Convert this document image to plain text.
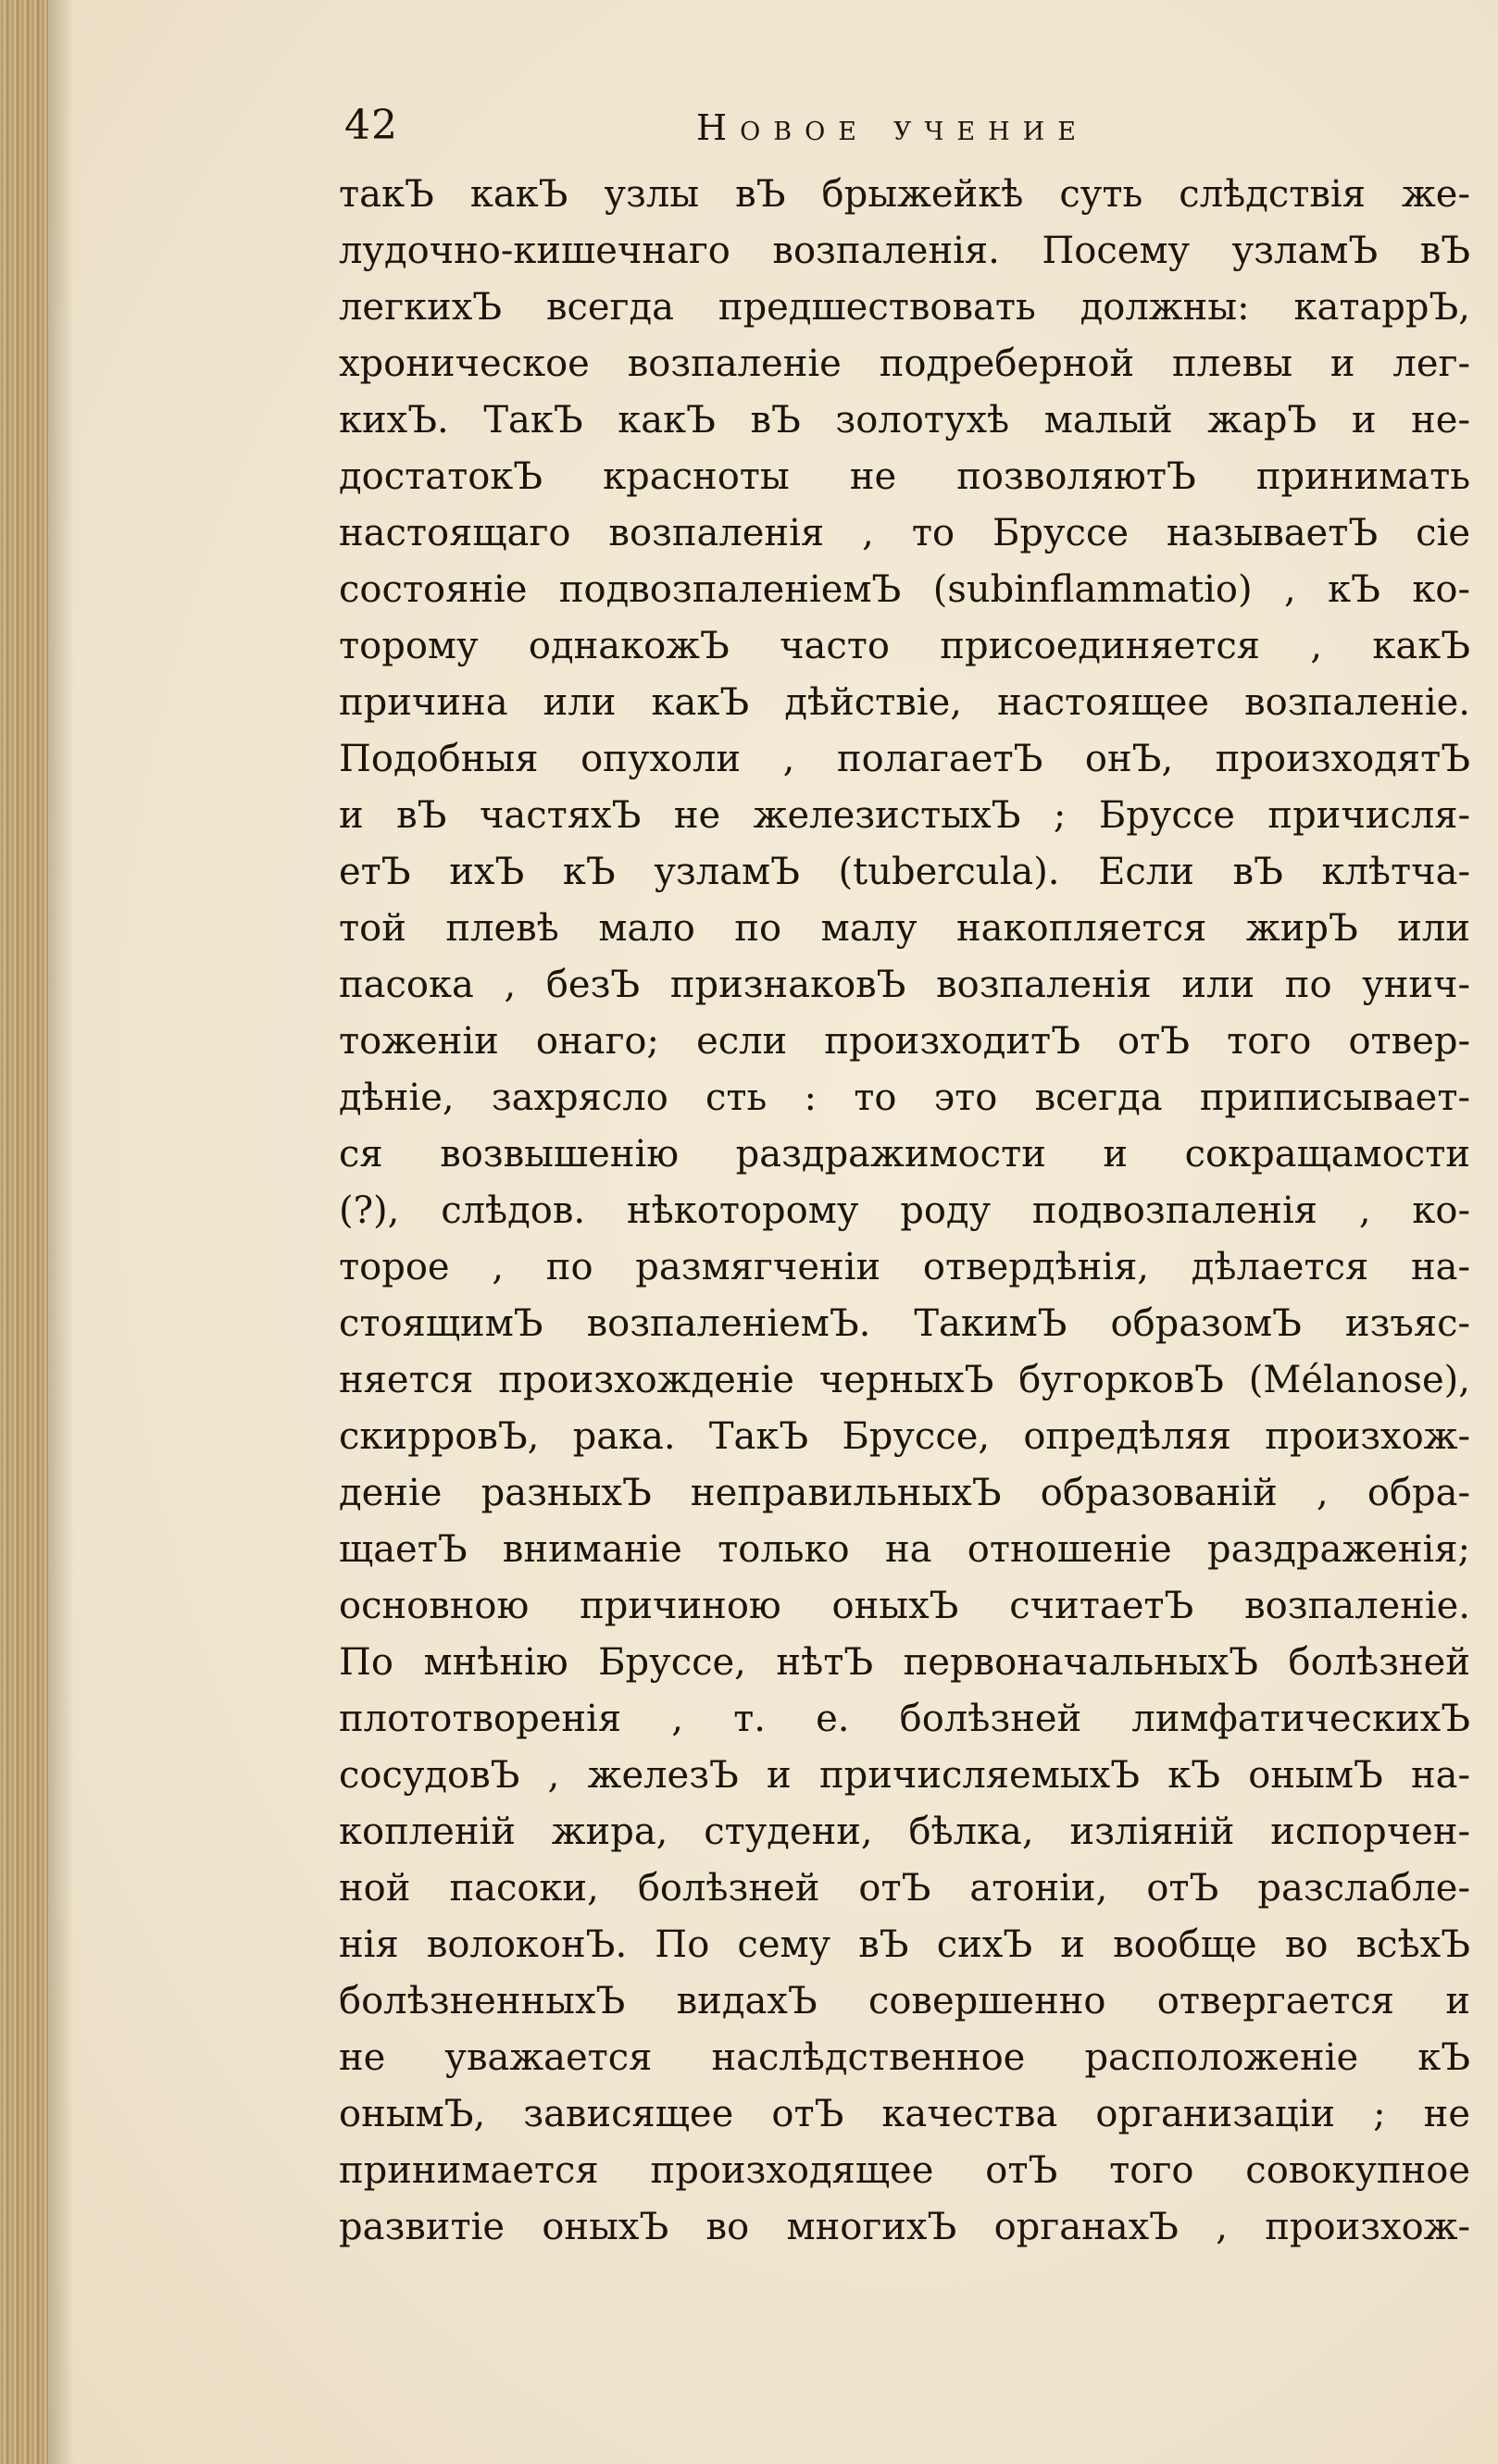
42	Новое учение
такЪ какЪ узлы вЪ брыжейкѣ суть слѣдствія же-
лудочно-кишечнаго возпаленія. Посему узламЪ вЪ
легкихЪ всегда предшествовать должны: катаррЪ,
хроническое возпаленіе подреберной плевы и лег-
кихЪ. ТакЪ какЪ вЪ золотухѣ малый жарЪ и не-
достатокЪ красноты не позволяютЪ принимать
настоящаго возпаленія , то Бруссе называетЪ сіе
состояніе подвозпаленіемЪ (subinflammatio) , кЪ ко-
торому однакожЪ часто присоединяется , какЪ
причина или какЪ дѣйствіе, настоящее возпаленіе.
Подобныя опухоли , полагаетЪ онЪ, произходятЪ
и вЪ частяхЪ не железистыхЪ ; Бруссе причисля-
етЪ ихЪ кЪ узламЪ (tubercula). Если вЪ клѣтча-
той плевѣ мало по малу накопляется жирЪ или
пасока , безЪ признаковЪ возпаленія или по унич-
тоженіи онаго; если произходитЪ отЪ того отвер-
дѣніе, захрясло сть : то это всегда приписывает-
ся возвышенію раздражимости и сокращамости
(?), слѣдов. нѣкоторому роду подвозпаленія , ко-
торое , по размягченіи отвердѣнія, дѣлается на-
стоящимЪ возпаленіемЪ. ТакимЪ образомЪ изъяс-
няется произхожденіе черныхЪ бугорковЪ (Mélanose),
скирровЪ, рака. ТакЪ Бруссе, опредѣляя произхож-
деніе разныхЪ неправильныхЪ образованій , обра-
щаетЪ вниманіе только на отношеніе раздраженія;
основною причиною оныхЪ считаетЪ возпаленіе.
По мнѣнію Бруссе, нѣтЪ первоначальныхЪ болѣзней
плототворенія , т. е. болѣзней лимфатическихЪ
сосудовЪ , железЪ и причисляемыхЪ кЪ онымЪ на-
копленій жира, студени, бѣлка, изліяній испорчен-
ной пасоки, болѣзней отЪ атоніи, отЪ разслабле-
нія волоконЪ. По сему вЪ сихЪ и вообще во всѣхЪ
болѣзненныхЪ видахЪ совершенно отвергается и
не уважается наслѣдственное расположеніе кЪ
онымЪ, зависящее отЪ качества организаціи ; не
принимается произходящее отЪ того совокупное
развитіе оныхЪ во многихЪ органахЪ , произхож-
